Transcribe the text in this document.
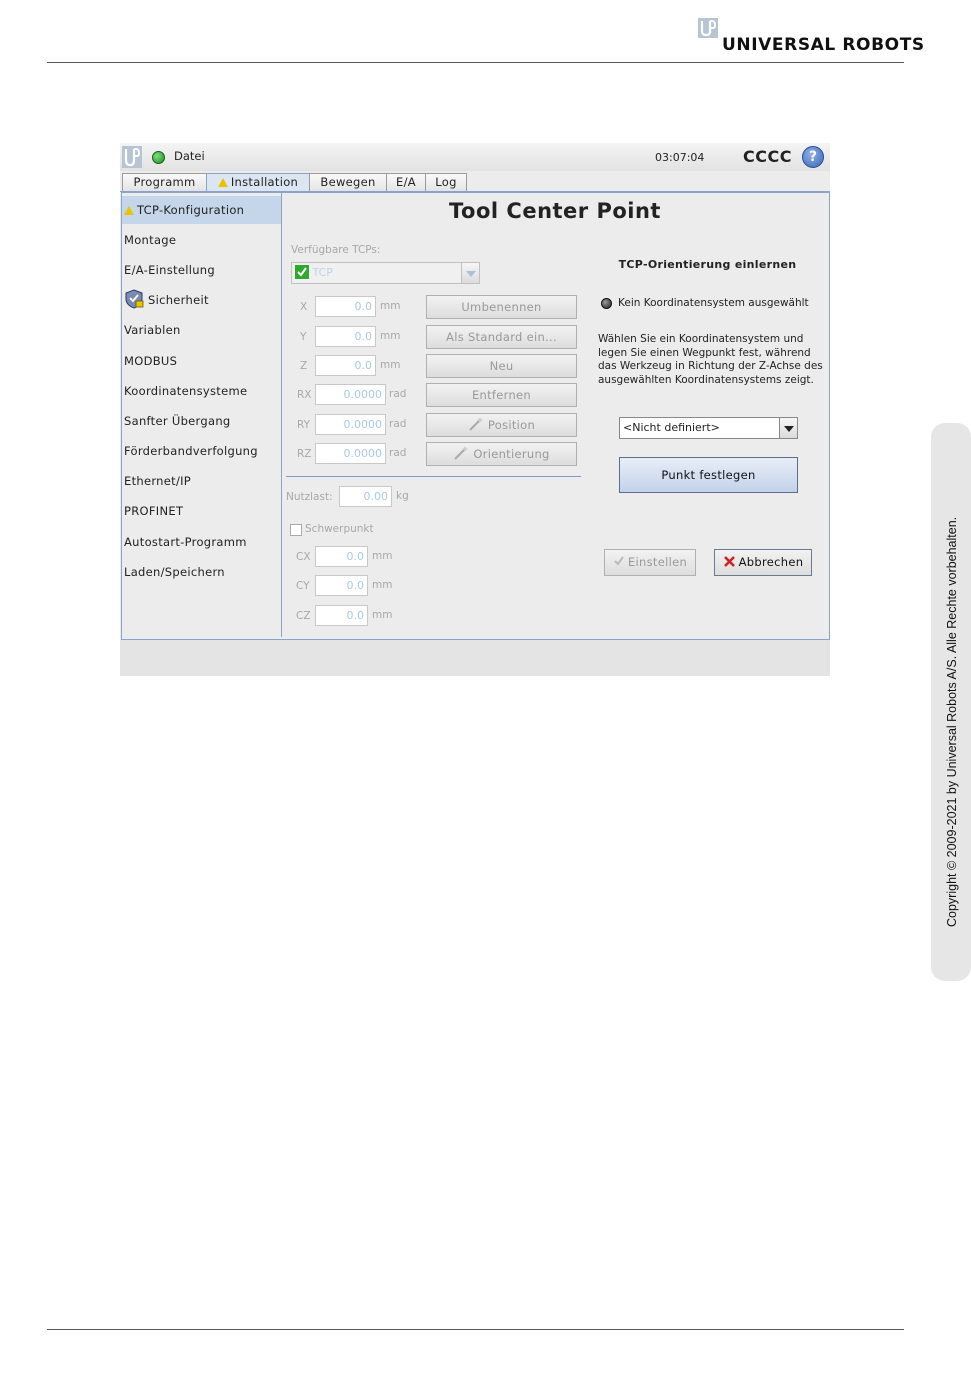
UNIVERSAL ROBOTS
Copyright © 2009-2021 by Universal Robots A/S. Alle Rechte vorbehalten.
Datei	03:07:04 CCCC	?
Programm	Installation	Bewegen	E/A	Log
TCP-Konfiguration
Montage
E/A-Einstellung
Sicherheit
Variablen
MODBUS
Koordinatensysteme
Sanfter Übergang
Förderbandverfolgung
Ethernet/IP
PROFINET
Autostart-Programm
Laden/Speichern
Tool Center Point
Verfügbare TCPs:
TCP
X	0.0 mm
Y	0.0 mm
Z	0.0 mm
RX	0.0000 rad
RY	0.0000 rad
RZ	0.0000 rad
Umbenennen
Als Standard ein...
Neu
Entfernen
Position
Orientierung
Nutzlast:	0.00 kg
Schwerpunkt
CX	0.0 mm
CY	0.0 mm
CZ	0.0 mm
TCP-Orientierung einlernen
Kein Koordinatensystem ausgewählt
Wählen Sie ein Koordinatensystem und legen Sie einen Wegpunkt fest, während das Werkzeug in Richtung der Z-Achse des ausgewählten Koordinatensystems zeigt.
<Nicht definiert>
Punkt festlegen
Einstellen	Abbrechen
